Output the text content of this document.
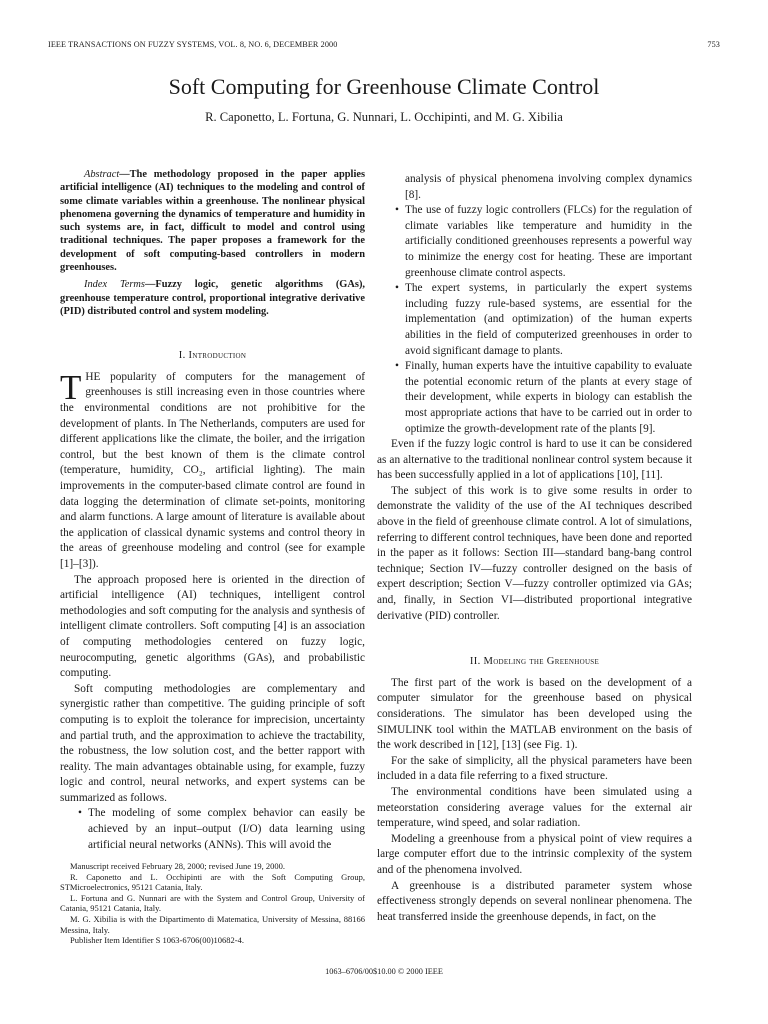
IEEE TRANSACTIONS ON FUZZY SYSTEMS, VOL. 8, NO. 6, DECEMBER 2000	753
Soft Computing for Greenhouse Climate Control
R. Caponetto, L. Fortuna, G. Nunnari, L. Occhipinti, and M. G. Xibilia

Abstract—The methodology proposed in the paper applies artificial intelligence (AI) techniques to the modeling and control of some climate variables within a greenhouse. The nonlinear physical phenomena governing the dynamics of temperature and humidity in such systems are, in fact, difficult to model and control using traditional techniques. The paper proposes a framework for the development of soft computing-based controllers in modern greenhouses.

Index Terms—Fuzzy logic, genetic algorithms (GAs), greenhouse temperature control, proportional integrative derivative (PID) distributed control and system modeling.

I. Introduction

THE popularity of computers for the management of greenhouses is still increasing even in those countries where the environmental conditions are not prohibitive for the development of plants. In The Netherlands, computers are used for different applications like the climate, the boiler, and the irrigation control, but the best known of them is the climate control (temperature, humidity, CO₂, artificial lighting). The main improvements in the computer-based climate control are found in data logging the determination of climate set-points, monitoring and alarm functions. A large amount of literature is available about the application of classical dynamic systems and control theory in the areas of greenhouse modeling and control (see for example [1]–[3]).

The approach proposed here is oriented in the direction of artificial intelligence (AI) techniques, intelligent control methodologies and soft computing for the analysis and synthesis of intelligent climate controllers. Soft computing [4] is an association of computing methodologies centered on fuzzy logic, neurocomputing, genetic algorithms (GAs), and probabilistic computing.

Soft computing methodologies are complementary and synergistic rather than competitive. The guiding principle of soft computing is to exploit the tolerance for imprecision, uncertainty and partial truth, and the approximation to achieve the tractability, the robustness, the low solution cost, and the better rapport with reality. The main advantages obtainable using, for example, fuzzy logic and control, neural networks, and expert systems can be summarized as follows.

• The modeling of some complex behavior can easily be achieved by an input–output (I/O) data learning using artificial neural networks (ANNs). This will avoid the

Manuscript received February 28, 2000; revised June 19, 2000.

R. Caponetto and L. Occhipinti are with the Soft Computing Group, STMicroelectronics, 95121 Catania, Italy.

L. Fortuna and G. Nunnari are with the System and Control Group, University of Catania, 95121 Catania, Italy.

M. G. Xibilia is with the Dipartimento di Matematica, University of Messina, 88166 Messina, Italy.

Publisher Item Identifier S 1063-6706(00)10682-4.

analysis of physical phenomena involving complex dynamics [8].

• The use of fuzzy logic controllers (FLCs) for the regulation of climate variables like temperature and humidity in the artificially conditioned greenhouses represents a powerful way to minimize the energy cost for heating. These are important greenhouse climate control aspects.
• The expert systems, in particularly the expert systems including fuzzy rule-based systems, are essential for the implementation (and optimization) of the human experts abilities in the field of computerized greenhouses in order to avoid significant damage to plants.
• Finally, human experts have the intuitive capability to evaluate the potential economic return of the plants at every stage of their development, while experts in biology can establish the most appropriate actions that have to be carried out in order to optimize the growth-development rate of the plants [9].

Even if the fuzzy logic control is hard to use it can be considered as an alternative to the traditional nonlinear control system because it has been successfully applied in a lot of applications [10], [11].

The subject of this work is to give some results in order to demonstrate the validity of the use of the AI techniques described above in the field of greenhouse climate control. A lot of simulations, referring to different control techniques, have been done and reported in the paper as it follows: Section III—standard bang-bang control technique; Section IV—fuzzy controller designed on the basis of expert description; Section V—fuzzy controller optimized via GAs; and, finally, in Section VI—distributed proportional integrative derivative (PID) controller.

II. Modeling the Greenhouse

The first part of the work is based on the development of a computer simulator for the greenhouse based on physical considerations. The simulator has been developed using the SIMULINK tool within the MATLAB environment on the basis of the work described in [12], [13] (see Fig. 1).

For the sake of simplicity, all the physical parameters have been included in a data file referring to a fixed structure.

The environmental conditions have been simulated using a meteorstation considering average values for the external air temperature, wind speed, and solar radiation.

Modeling a greenhouse from a physical point of view requires a large computer effort due to the intrinsic complexity of the system and of the phenomena involved.

A greenhouse is a distributed parameter system whose effectiveness strongly depends on several nonlinear phenomena. The heat transferred inside the greenhouse depends, in fact, on the

1063–6706/00$10.00 © 2000 IEEE
